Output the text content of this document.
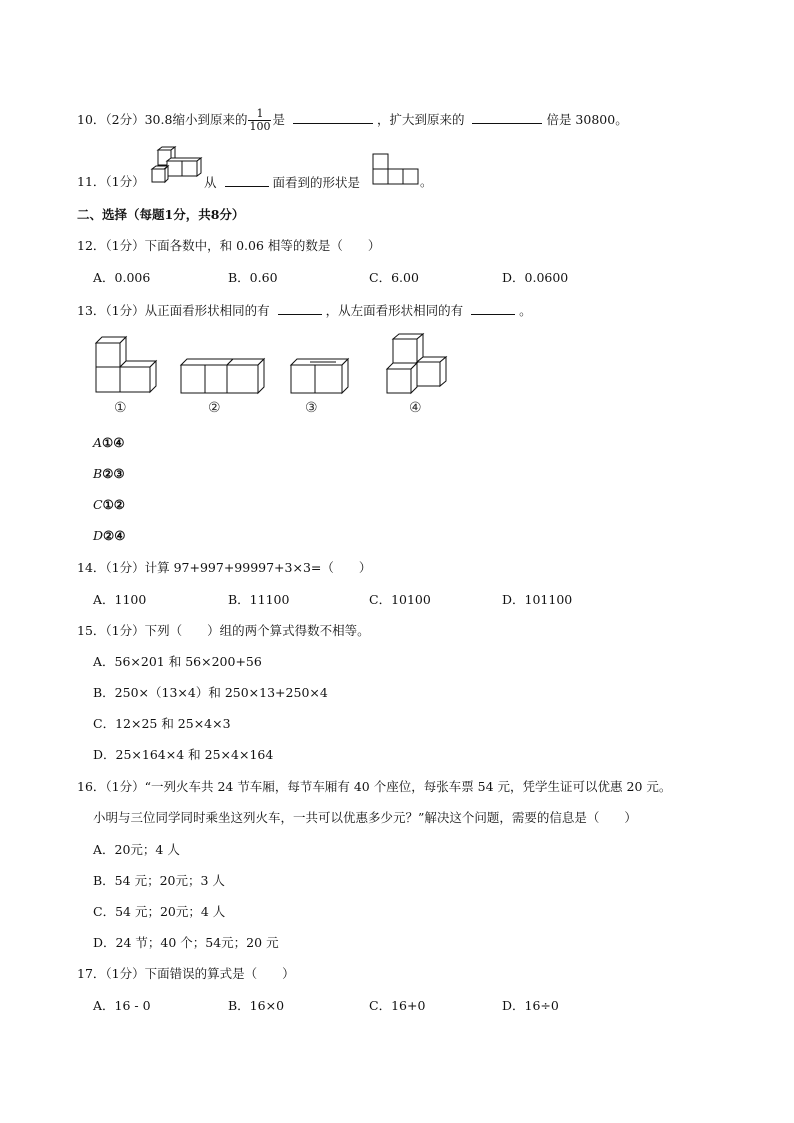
10．（2分）30.8缩小到原来的 $\frac{1}{100}$ 是	，扩大到原来的	倍是 30800。
11．（1分）	从	面看到的形状是	。
二、选择（每题1分，共8分）
12．（1分）下面各数中，和 0.06 相等的数是（　　）
A．0.006	B．0.60	C．6.00	D．0.0600
13．（1分）从正面看形状相同的有	，从左面看形状相同的有	。
①	②	③	④
A①④
B②③
C①②
D②④
14．（1分）计算 97+997+99997+3×3=（　　）
A．1100	B．11100	C．10100	D．101100
15．（1分）下列（　　）组的两个算式得数不相等。
A．56×201 和 56×200+56
B．250×（13×4）和 250×13+250×4
C．12×25 和 25×4×3
D．25×164×4 和 25×4×164
16．（1分）“一列火车共 24 节车厢，每节车厢有 40 个座位，每张车票 54 元，凭学生证可以优惠 20 元。
小明与三位同学同时乘坐这列火车，一共可以优惠多少元？”解决这个问题，需要的信息是（　　）
A．20元；4 人
B．54 元；20元；3 人
C．54 元；20元；4 人
D．24 节；40 个；54元；20 元
17．（1分）下面错误的算式是（　　）
A．16 - 0	B．16×0	C．16+0	D．16÷0
